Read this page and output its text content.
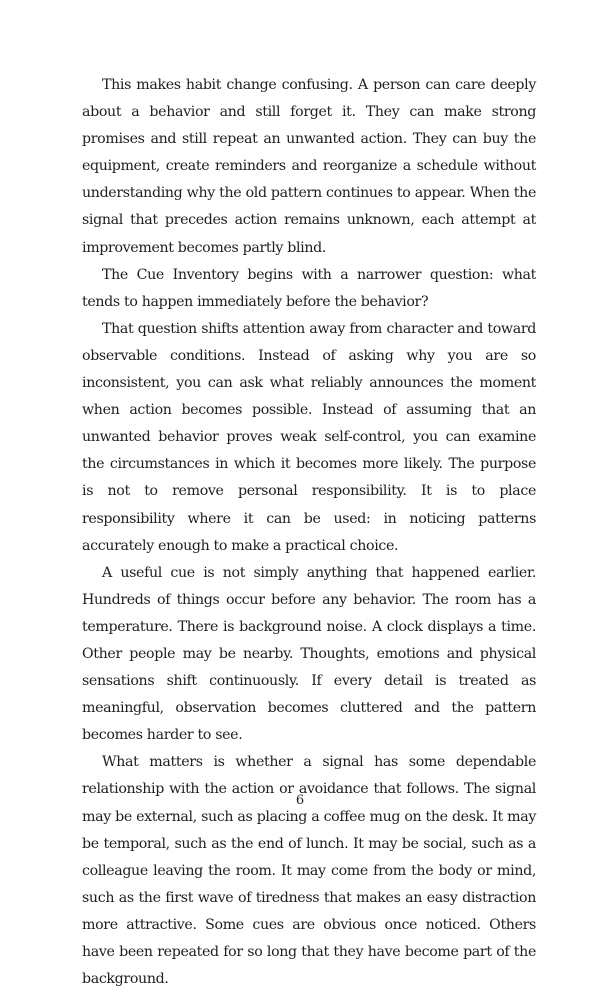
This makes habit change confusing. A person can care deeply about a behavior and still forget it. They can make strong promises and still repeat an unwanted action. They can buy the equipment, create reminders and reorganize a schedule without understanding why the old pattern continues to appear. When the signal that precedes action remains unknown, each attempt at improvement becomes partly blind.

The Cue Inventory begins with a narrower question: what tends to happen immediately before the behavior?

That question shifts attention away from character and toward observable conditions. Instead of asking why you are so inconsistent, you can ask what reliably announces the moment when action becomes possible. Instead of assuming that an unwanted behavior proves weak self-control, you can examine the circumstances in which it becomes more likely. The purpose is not to remove personal responsibility. It is to place responsibility where it can be used: in noticing patterns accurately enough to make a practical choice.

A useful cue is not simply anything that happened earlier. Hundreds of things occur before any behavior. The room has a temperature. There is background noise. A clock displays a time. Other people may be nearby. Thoughts, emotions and physical sensations shift continuously. If every detail is treated as meaningful, observation becomes cluttered and the pattern becomes harder to see.

What matters is whether a signal has some dependable relationship with the action or avoidance that follows. The signal may be external, such as placing a coffee mug on the desk. It may be temporal, such as the end of lunch. It may be social, such as a colleague leaving the room. It may come from the body or mind, such as the first wave of tiredness that makes an easy distraction more attractive. Some cues are obvious once noticed. Others have been repeated for so long that they have become part of the background.

6
